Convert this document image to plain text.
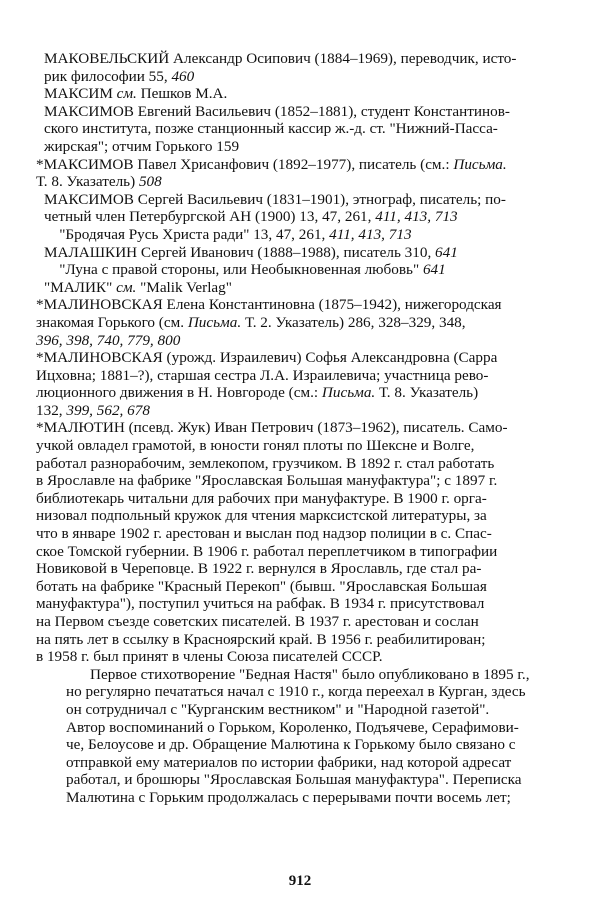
МАКОВЕЛЬСКИЙ Александр Осипович (1884–1969), переводчик, исто-
рик философии 55, 460

МАКСИМ см. Пешков М.А.

МАКСИМОВ Евгений Васильевич (1852–1881), студент Константинов-
ского института, позже станционный кассир ж.-д. ст. "Нижний-Пасса-
жирская"; отчим Горького 159

*МАКСИМОВ Павел Хрисанфович (1892–1977), писатель (см.: Письма.
Т. 8. Указатель) 508

МАКСИМОВ Сергей Васильевич (1831–1901), этнограф, писатель; по-
четный член Петербургской АН (1900) 13, 47, 261, 411, 413, 713
"Бродячая Русь Христа ради" 13, 47, 261, 411, 413, 713

МАЛАШКИН Сергей Иванович (1888–1988), писатель 310, 641
"Луна с правой стороны, или Необыкновенная любовь" 641

"МАЛИК" см. "Malik Verlag"

*МАЛИНОВСКАЯ Елена Константиновна (1875–1942), нижегородская
знакомая Горького (см. Письма. Т. 2. Указатель) 286, 328–329, 348,
396, 398, 740, 779, 800

*МАЛИНОВСКАЯ (урожд. Израилевич) Софья Александровна (Сарра
Ицховна; 1881–?), старшая сестра Л.А. Израилевича; участница рево-
люционного движения в Н. Новгороде (см.: Письма. Т. 8. Указатель)
132, 399, 562, 678

*МАЛЮТИН (псевд. Жук) Иван Петрович (1873–1962), писатель. Само-
учкой овладел грамотой, в юности гонял плоты по Шексне и Волге,
работал разнорабочим, землекопом, грузчиком. В 1892 г. стал работать
в Ярославле на фабрике "Ярославская Большая мануфактура"; с 1897 г.
библиотекарь читальни для рабочих при мануфактуре. В 1900 г. орга-
низовал подпольный кружок для чтения марксистской литературы, за
что в январе 1902 г. арестован и выслан под надзор полиции в с. Спас-
ское Томской губернии. В 1906 г. работал переплетчиком в типографии
Новиковой в Череповце. В 1922 г. вернулся в Ярославль, где стал ра-
ботать на фабрике "Красный Перекоп" (бывш. "Ярославская Большая
мануфактура"), поступил учиться на рабфак. В 1934 г. присутствовал
на Первом съезде советских писателей. В 1937 г. арестован и сослан
на пять лет в ссылку в Красноярский край. В 1956 г. реабилитирован;
в 1958 г. был принят в члены Союза писателей СССР.

Первое стихотворение "Бедная Настя" было опубликовано в 1895 г.,
но регулярно печататься начал с 1910 г., когда переехал в Курган, здесь
он сотрудничал с "Курганским вестником" и "Народной газетой".
Автор воспоминаний о Горьком, Короленко, Подъячеве, Серафимови-
че, Белоусове и др. Обращение Малютина к Горькому было связано с
отправкой ему материалов по истории фабрики, над которой адресат
работал, и брошюры "Ярославская Большая мануфактура". Переписка
Малютина с Горьким продолжалась с перерывами почти восемь лет;
912
